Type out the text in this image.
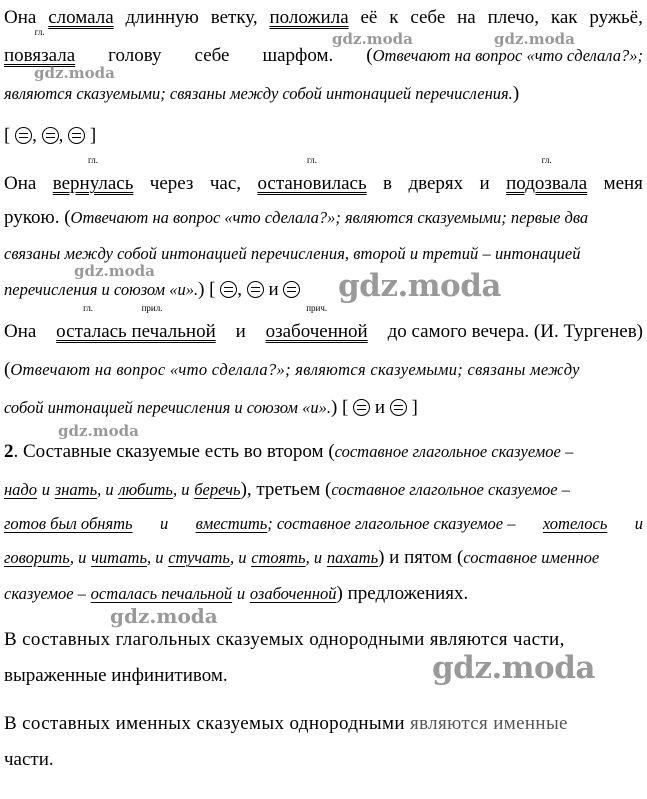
Она сломала длинную ветку, положила её к себе на плечо, как ружьё,
гл.
повязала голову себе шарфом. (Отвечают на вопрос «что сделала?»;
являются сказуемыми; связаны между собой интонацией перечисления.)
[ , , ]
Она
гл.
вернулась через час,
гл.
остановилась в дверях и
гл.
подозвала меня
рукою. (Отвечают на вопрос «что сделала?»; являются сказуемыми; первые два
связаны между собой интонацией перечисления, второй и третий – интонацией
перечисления и союзом «и».) [ , и
Она
гл.
осталась печальной и
прич.
озабоченной до самого вечера. (И. Тургенев)
прил.
(Отвечают на вопрос «что сделала?»; являются сказуемыми; связаны между
собой интонацией перечисления и союзом «и».) [ и ]
2. Составные сказуемые есть во втором (составное глагольное сказуемое –
надо и знать, и любить, и беречь), третьем (составное глагольное сказуемое –
готов был обнять и вместить; составное глагольное сказуемое – хотелось и
говорить, и читать, и стучать, и стоять, и пахать) и пятом (составное именное
сказуемое – осталась печальной и озабоченной) предложениях.
В составных глагольных сказуемых однородными являются части,
выраженные инфинитивом.
В составных именных сказуемых однородными являются именные
части.
gdz.moda	gdz.moda
gdz.moda
gdz.moda	gdz.moda
gdz.moda
gdz.moda
gdz.moda
